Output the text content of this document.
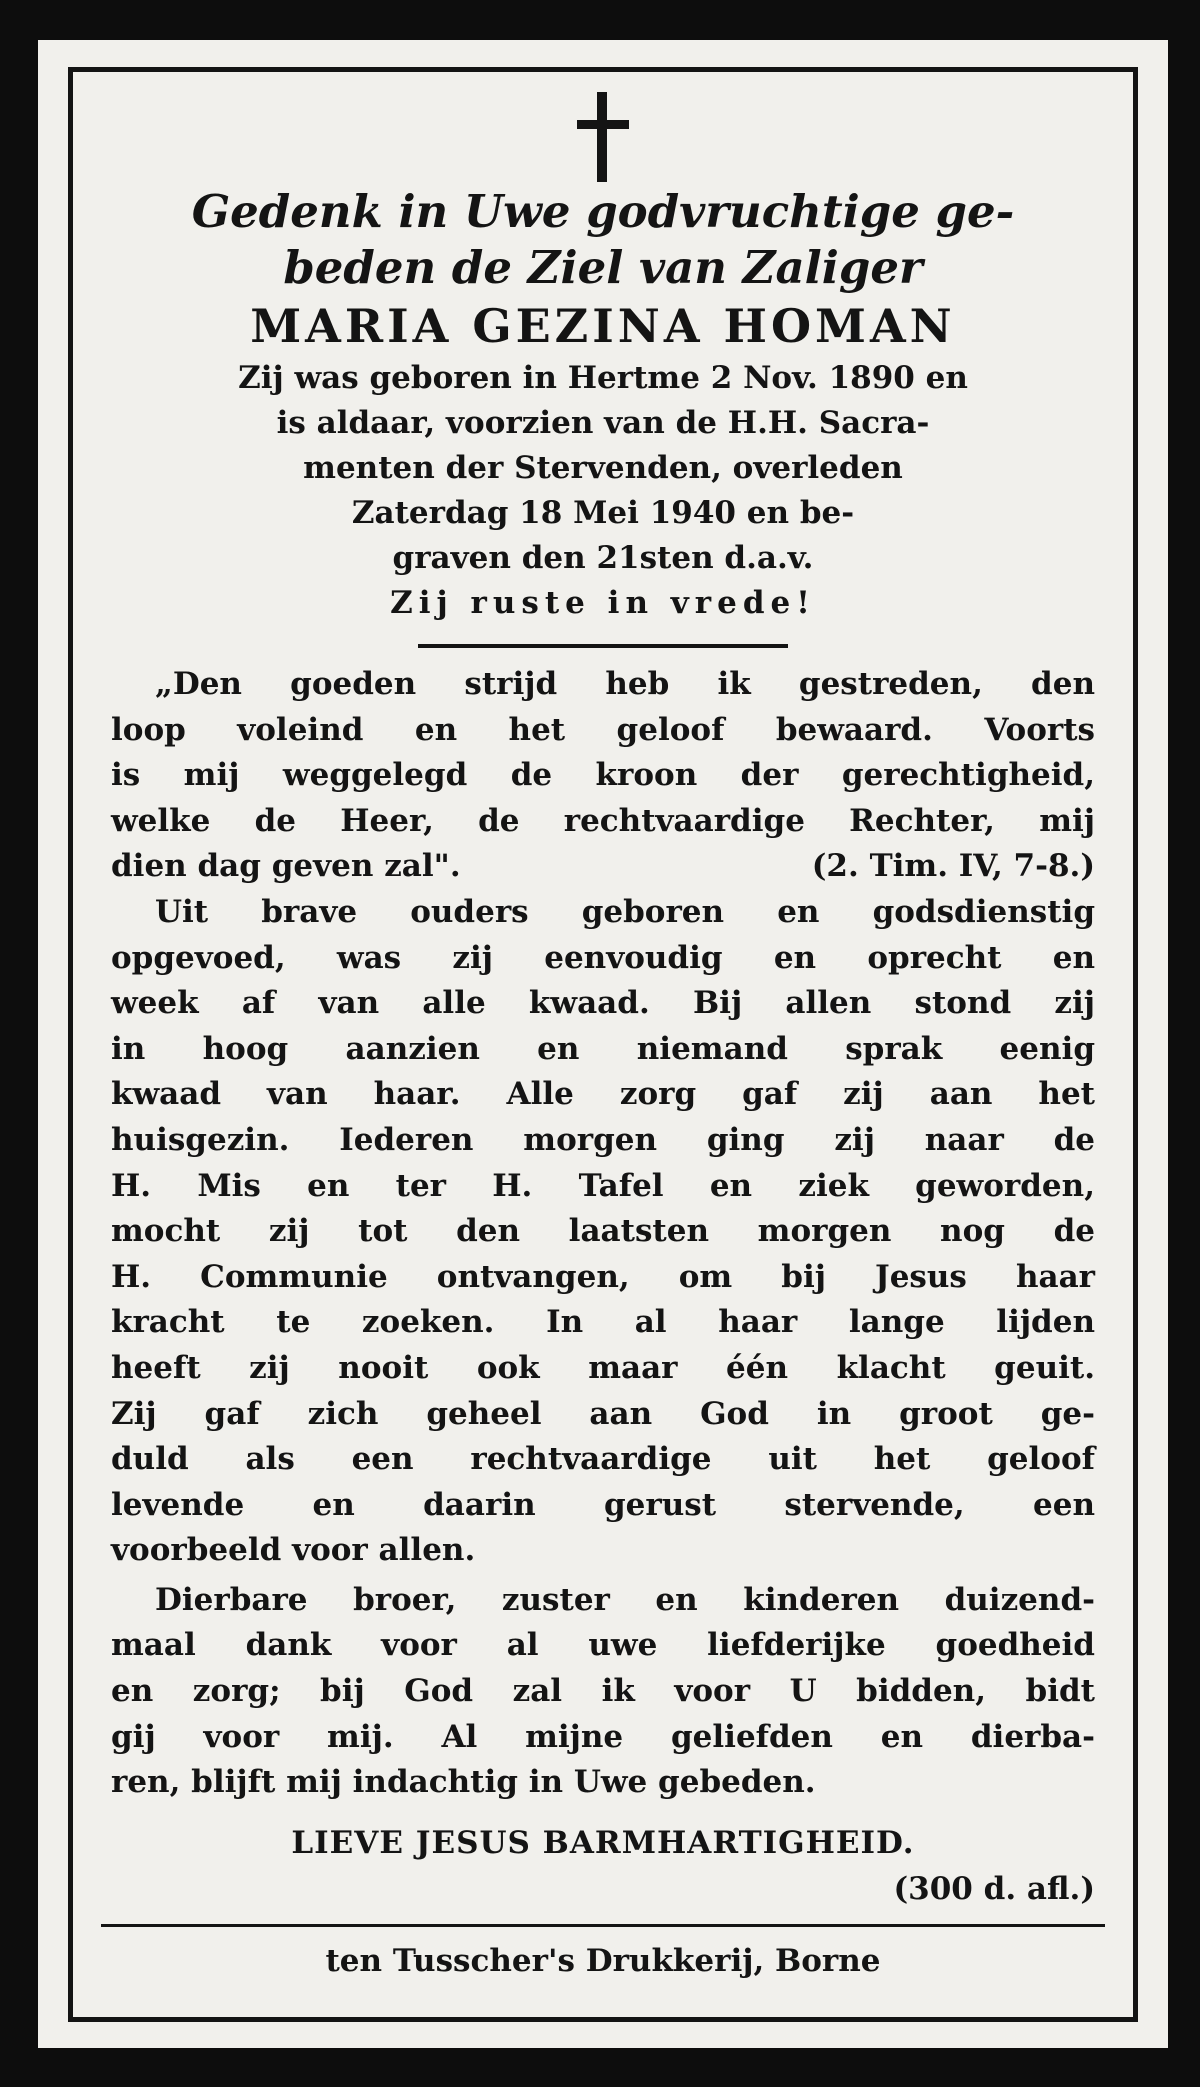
Gedenk in Uwe godvruchtige ge-
beden de Ziel van Zaliger
MARIA GEZINA HOMAN
Zij was geboren in Hertme 2 Nov. 1890 en
is aldaar, voorzien van de H.H. Sacra-
menten der Stervenden, overleden
Zaterdag 18 Mei 1940 en be-
graven den 21sten d.a.v.
Zij ruste in vrede!
„Den goeden strijd heb ik gestreden, den
loop voleind en het geloof bewaard. Voorts
is mij weggelegd de kroon der gerechtigheid,
welke de Heer, de rechtvaardige Rechter, mij
dien dag geven zal".	(2. Tim. IV, 7-8.)
Uit brave ouders geboren en godsdienstig
opgevoed, was zij eenvoudig en oprecht en
week af van alle kwaad. Bij allen stond zij
in hoog aanzien en niemand sprak eenig
kwaad van haar. Alle zorg gaf zij aan het
huisgezin. Iederen morgen ging zij naar de
H. Mis en ter H. Tafel en ziek geworden,
mocht zij tot den laatsten morgen nog de
H. Communie ontvangen, om bij Jesus haar
kracht te zoeken. In al haar lange lijden
heeft zij nooit ook maar één klacht geuit.
Zij gaf zich geheel aan God in groot ge-
duld als een rechtvaardige uit het geloof
levende en daarin gerust stervende, een
voorbeeld voor allen.
Dierbare broer, zuster en kinderen duizend-
maal dank voor al uwe liefderijke goedheid
en zorg; bij God zal ik voor U bidden, bidt
gij voor mij. Al mijne geliefden en dierba-
ren, blijft mij indachtig in Uwe gebeden.
LIEVE JESUS BARMHARTIGHEID.
(300 d. afl.)
ten Tusscher's Drukkerij, Borne
